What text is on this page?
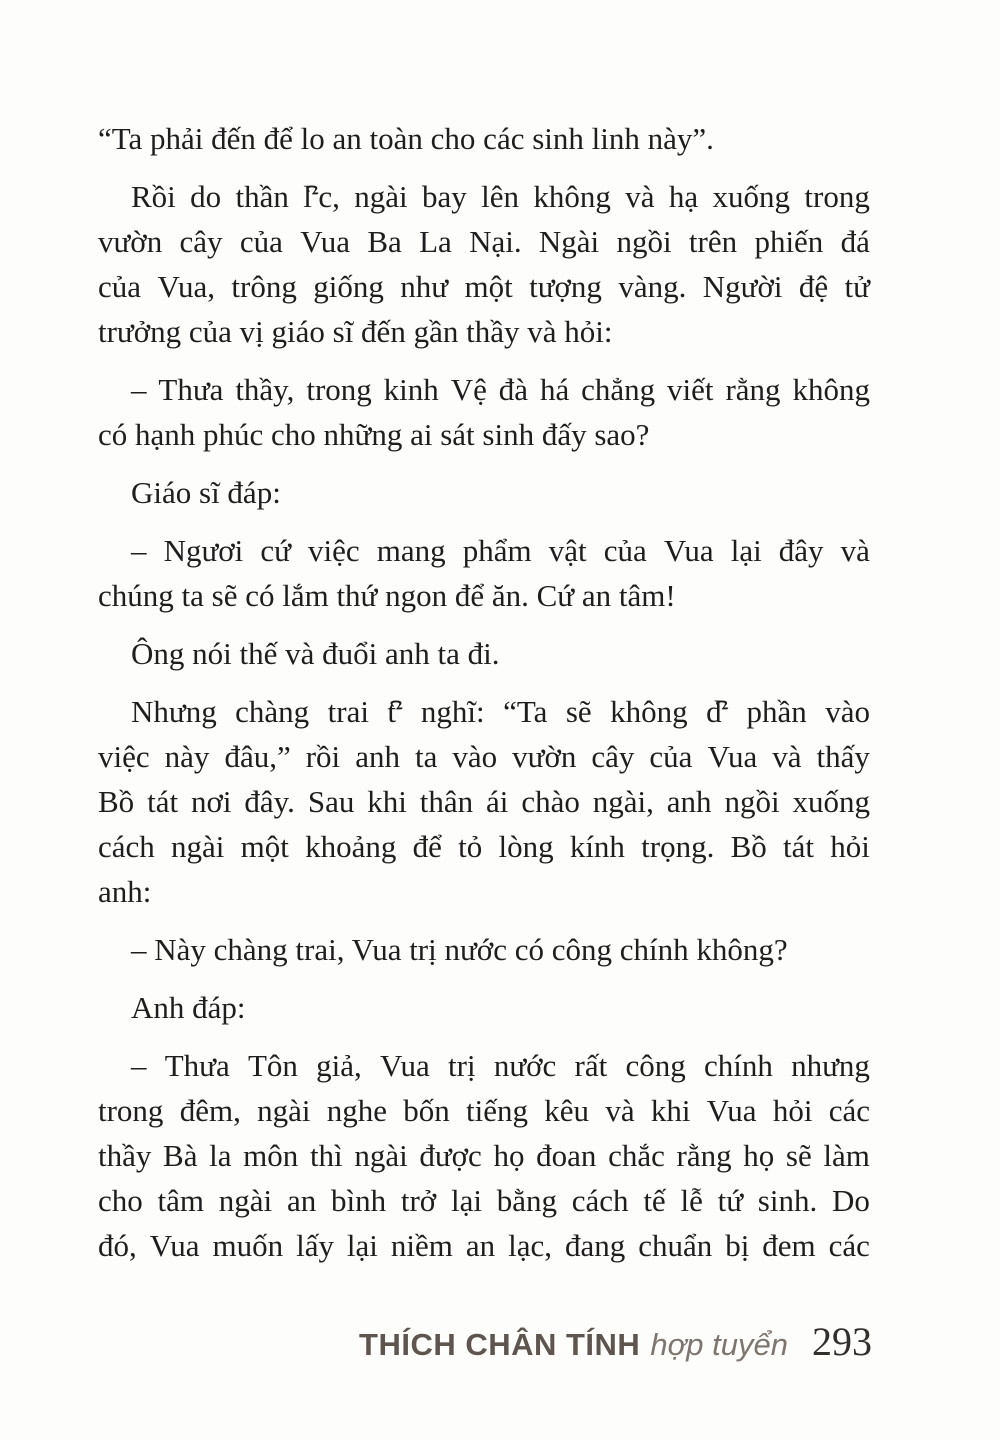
“Ta phải đến để lo an toàn cho các sinh linh này”.
Rồi do thần lᤡc, ngài bay lên không và hạ xuống trong
vườn cây của Vua Ba La Nại. Ngài ngồi trên phiến đá
của Vua, trông giống như một tượng vàng. Người đệ tử
trưởng của vị giáo sĩ đến gần thầy và hỏi:
– Thưa thầy, trong kinh Vệ đà há chẳng viết rằng không
có hạnh phúc cho những ai sát sinh đấy sao?
Giáo sĩ đáp:
– Ngươi cứ việc mang phẩm vật của Vua lại đây và
chúng ta sẽ có lắm thứ ngon để ăn. Cứ an tâm!
Ông nói thế và đuổi anh ta đi.
Nhưng chàng trai tᤡ nghĩ: “Ta sẽ không dᤡ phần vào
việc này đâu,” rồi anh ta vào vườn cây của Vua và thấy
Bồ tát nơi đây. Sau khi thân ái chào ngài, anh ngồi xuống
cách ngài một khoảng để tỏ lòng kính trọng. Bồ tát hỏi
anh:
– Này chàng trai, Vua trị nước có công chính không?
Anh đáp:
– Thưa Tôn giả, Vua trị nước rất công chính nhưng
trong đêm, ngài nghe bốn tiếng kêu và khi Vua hỏi các
thầy Bà la môn thì ngài được họ đoan chắc rằng họ sẽ làm
cho tâm ngài an bình trở lại bằng cách tế lễ tứ sinh. Do
đó, Vua muốn lấy lại niềm an lạc, đang chuẩn bị đem các
THÍCH CHÂN TÍNH hợp tuyển 293
